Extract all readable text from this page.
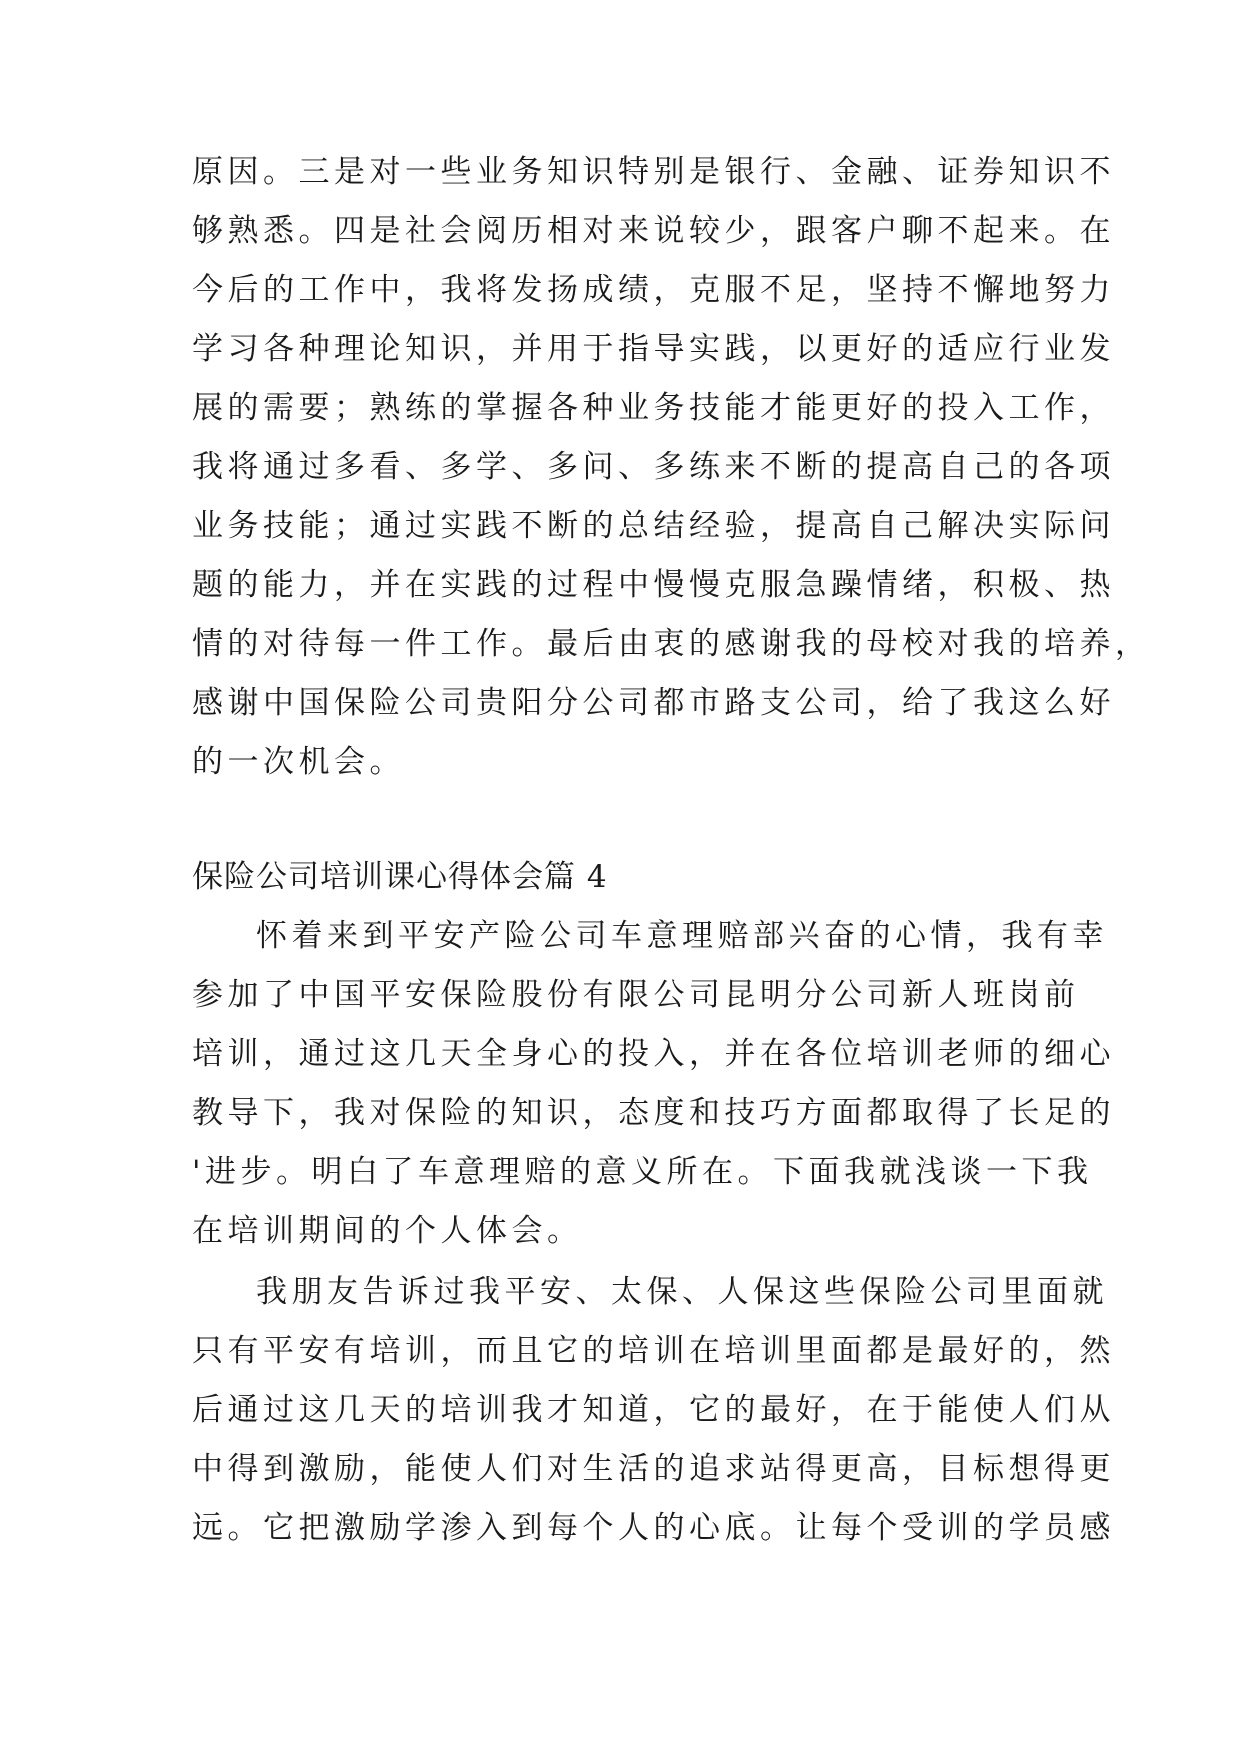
原因。三是对一些业务知识特别是银行、金融、证券知识不
够熟悉。四是社会阅历相对来说较少，跟客户聊不起来。在
今后的工作中，我将发扬成绩，克服不足，坚持不懈地努力
学习各种理论知识，并用于指导实践，以更好的适应行业发
展的需要；熟练的掌握各种业务技能才能更好的投入工作，
我将通过多看、多学、多问、多练来不断的提高自己的各项
业务技能；通过实践不断的总结经验，提高自己解决实际问
题的能力，并在实践的过程中慢慢克服急躁情绪，积极、热
情的对待每一件工作。最后由衷的感谢我的母校对我的培养，
感谢中国保险公司贵阳分公司都市路支公司，给了我这么好
的一次机会。
保险公司培训课心得体会篇 4
怀着来到平安产险公司车意理赔部兴奋的心情，我有幸
参加了中国平安保险股份有限公司昆明分公司新人班岗前
培训，通过这几天全身心的投入，并在各位培训老师的细心
教导下，我对保险的知识，态度和技巧方面都取得了长足的
'进步。明白了车意理赔的意义所在。下面我就浅谈一下我
在培训期间的个人体会。
我朋友告诉过我平安、太保、人保这些保险公司里面就
只有平安有培训，而且它的培训在培训里面都是最好的，然
后通过这几天的培训我才知道，它的最好，在于能使人们从
中得到激励，能使人们对生活的追求站得更高，目标想得更
远。它把激励学渗入到每个人的心底。让每个受训的学员感
